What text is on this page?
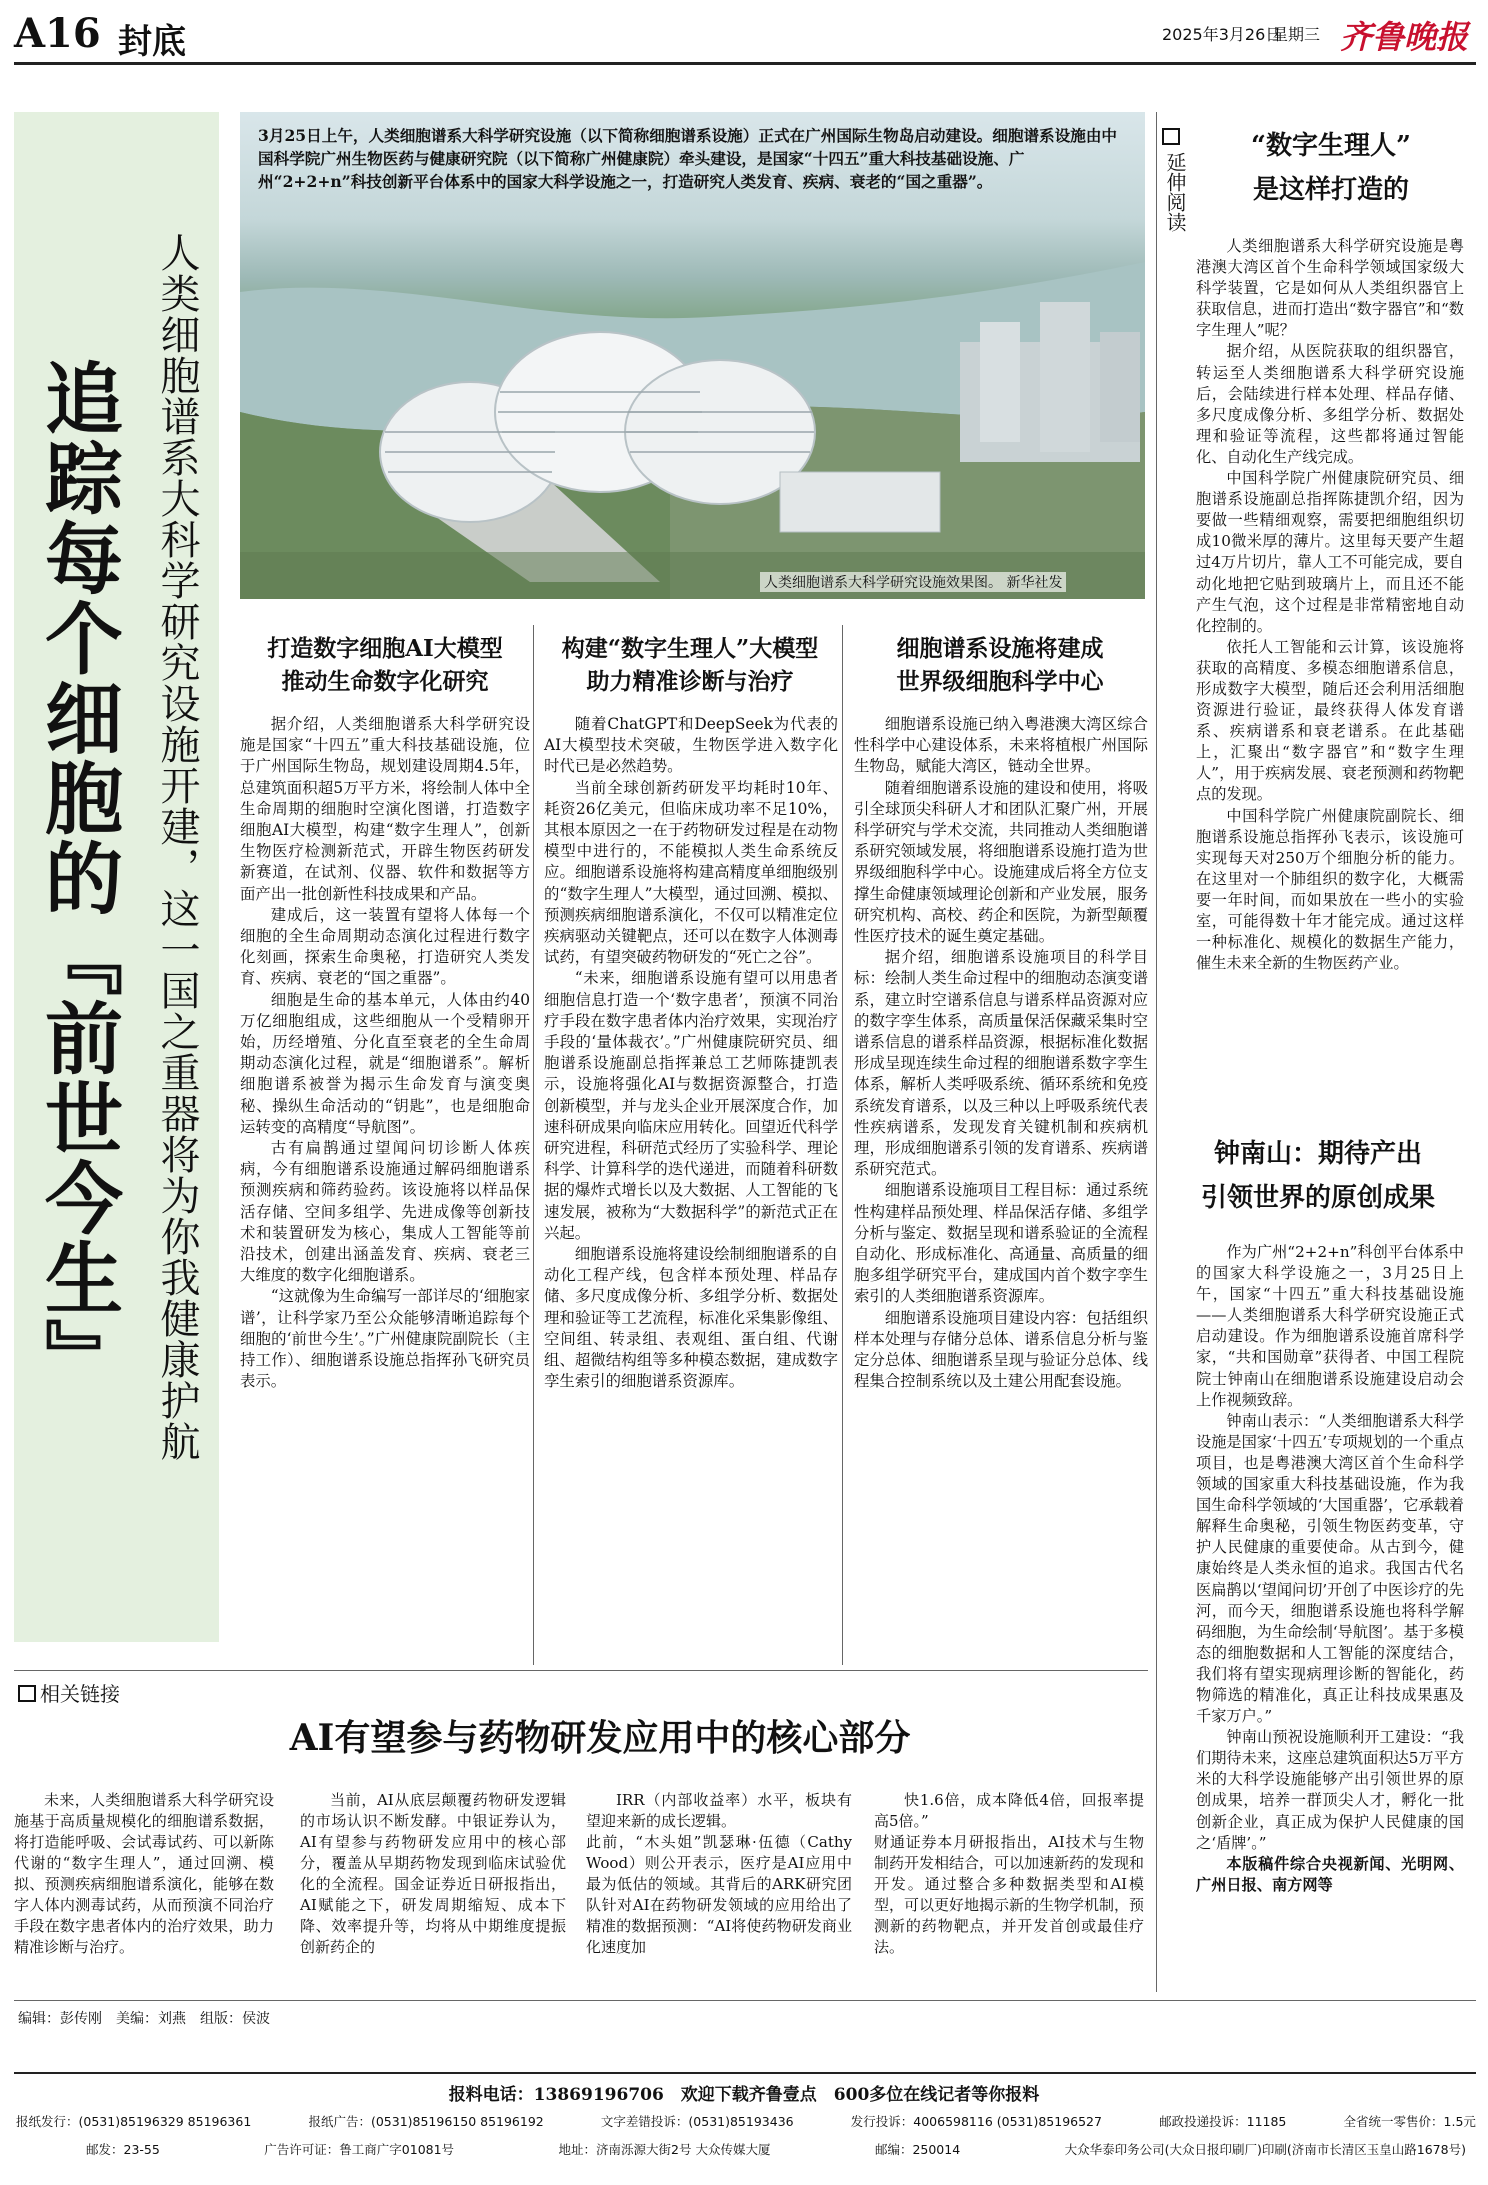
A16 封底	2025年3月26日
星期三 齐鲁晚报
追踪每个细胞的『前世今生』 人类细胞谱系大科学研究设施开建，这一国之重器将为你我健康护航
3月25日上午，人类细胞谱系大科学研究设施（以下简称细胞谱系设施）正式在广州国际生物岛启动建设。细胞谱系设施由中国科学院广州生物医药与健康研究院（以下简称广州健康院）牵头建设，是国家“十四五”重大科技基础设施、广州“2+2+n”科技创新平台体系中的国家大科学设施之一，打造研究人类发育、疾病、衰老的“国之重器”。
人类细胞谱系大科学研究设施效果图。 新华社发
打造数字细胞AI大模型
推动生命数字化研究

据介绍，人类细胞谱系大科学研究设施是国家“十四五”重大科技基础设施，位于广州国际生物岛，规划建设周期4.5年，总建筑面积超5万平方米，将绘制人体中全生命周期的细胞时空演化图谱，打造数字细胞AI大模型，构建“数字生理人”，创新生物医疗检测新范式，开辟生物医药研发新赛道，在试剂、仪器、软件和数据等方面产出一批创新性科技成果和产品。

建成后，这一装置有望将人体每一个细胞的全生命周期动态演化过程进行数字化刻画，探索生命奥秘，打造研究人类发育、疾病、衰老的“国之重器”。

细胞是生命的基本单元，人体由约40万亿细胞组成，这些细胞从一个受精卵开始，历经增殖、分化直至衰老的全生命周期动态演化过程，就是“细胞谱系”。解析细胞谱系被誉为揭示生命发育与演变奥秘、操纵生命活动的“钥匙”，也是细胞命运转变的高精度“导航图”。

古有扁鹊通过望闻问切诊断人体疾病，今有细胞谱系设施通过解码细胞谱系预测疾病和筛药验药。该设施将以样品保活存储、空间多组学、先进成像等创新技术和装置研发为核心，集成人工智能等前沿技术，创建出涵盖发育、疾病、衰老三大维度的数字化细胞谱系。

“这就像为生命编写一部详尽的‘细胞家谱’，让科学家乃至公众能够清晰追踪每个细胞的‘前世今生’。”广州健康院副院长（主持工作）、细胞谱系设施总指挥孙飞研究员表示。

构建“数字生理人”大模型
助力精准诊断与治疗

随着ChatGPT和DeepSeek为代表的AI大模型技术突破，生物医学进入数字化时代已是必然趋势。

当前全球创新药研发平均耗时10年、耗资26亿美元，但临床成功率不足10%，其根本原因之一在于药物研发过程是在动物模型中进行的，不能模拟人类生命系统反应。细胞谱系设施将构建高精度单细胞级别的“数字生理人”大模型，通过回溯、模拟、预测疾病细胞谱系演化，不仅可以精准定位疾病驱动关键靶点，还可以在数字人体测毒试药，有望突破药物研发的“死亡之谷”。

“未来，细胞谱系设施有望可以用患者细胞信息打造一个‘数字患者’，预演不同治疗手段在数字患者体内治疗效果，实现治疗手段的‘量体裁衣’。”广州健康院研究员、细胞谱系设施副总指挥兼总工艺师陈捷凯表示，设施将强化AI与数据资源整合，打造创新模型，并与龙头企业开展深度合作，加速科研成果向临床应用转化。回望近代科学研究进程，科研范式经历了实验科学、理论科学、计算科学的迭代递进，而随着科研数据的爆炸式增长以及大数据、人工智能的飞速发展，被称为“大数据科学”的新范式正在兴起。

细胞谱系设施将建设绘制细胞谱系的自动化工程产线，包含样本预处理、样品存储、多尺度成像分析、多组学分析、数据处理和验证等工艺流程，标准化采集影像组、空间组、转录组、表观组、蛋白组、代谢组、超微结构组等多种模态数据，建成数字孪生索引的细胞谱系资源库。

细胞谱系设施将建成
世界级细胞科学中心

细胞谱系设施已纳入粤港澳大湾区综合性科学中心建设体系，未来将植根广州国际生物岛，赋能大湾区，链动全世界。

随着细胞谱系设施的建设和使用，将吸引全球顶尖科研人才和团队汇聚广州，开展科学研究与学术交流，共同推动人类细胞谱系研究领域发展，将细胞谱系设施打造为世界级细胞科学中心。设施建成后将全方位支撑生命健康领域理论创新和产业发展，服务研究机构、高校、药企和医院，为新型颠覆性医疗技术的诞生奠定基础。

据介绍，细胞谱系设施项目的科学目标：绘制人类生命过程中的细胞动态演变谱系，建立时空谱系信息与谱系样品资源对应的数字孪生体系，高质量保活保藏采集时空谱系信息的谱系样品资源，根据标准化数据形成呈现连续生命过程的细胞谱系数字孪生体系，解析人类呼吸系统、循环系统和免疫系统发育谱系，以及三种以上呼吸系统代表性疾病谱系，发现发育关键机制和疾病机理，形成细胞谱系引领的发育谱系、疾病谱系研究范式。

细胞谱系设施项目工程目标：通过系统性构建样品预处理、样品保活存储、多组学分析与鉴定、数据呈现和谱系验证的全流程自动化、形成标准化、高通量、高质量的细胞多组学研究平台，建成国内首个数字孪生索引的人类细胞谱系资源库。

细胞谱系设施项目建设内容：包括组织样本处理与存储分总体、谱系信息分析与鉴定分总体、细胞谱系呈现与验证分总体、线程集合控制系统以及土建公用配套设施。

延伸阅读
“数字生理人”
是这样打造的

人类细胞谱系大科学研究设施是粤港澳大湾区首个生命科学领域国家级大科学装置，它是如何从人类组织器官上获取信息，进而打造出“数字器官”和“数字生理人”呢？

据介绍，从医院获取的组织器官，转运至人类细胞谱系大科学研究设施后，会陆续进行样本处理、样品存储、多尺度成像分析、多组学分析、数据处理和验证等流程，这些都将通过智能化、自动化生产线完成。

中国科学院广州健康院研究员、细胞谱系设施副总指挥陈捷凯介绍，因为要做一些精细观察，需要把细胞组织切成10微米厚的薄片。这里每天要产生超过4万片切片，靠人工不可能完成，要自动化地把它贴到玻璃片上，而且还不能产生气泡，这个过程是非常精密地自动化控制的。

依托人工智能和云计算，该设施将获取的高精度、多模态细胞谱系信息，形成数字大模型，随后还会利用活细胞资源进行验证，最终获得人体发育谱系、疾病谱系和衰老谱系。在此基础上，汇聚出“数字器官”和“数字生理人”，用于疾病发展、衰老预测和药物靶点的发现。

中国科学院广州健康院副院长、细胞谱系设施总指挥孙飞表示，该设施可实现每天对250万个细胞分析的能力。在这里对一个肺组织的数字化，大概需要一年时间，而如果放在一些小的实验室，可能得数十年才能完成。通过这样一种标准化、规模化的数据生产能力，催生未来全新的生物医药产业。

钟南山：期待产出
引领世界的原创成果

作为广州“2+2+n”科创平台体系中的国家大科学设施之一，3月25日上午，国家“十四五”重大科技基础设施——人类细胞谱系大科学研究设施正式启动建设。作为细胞谱系设施首席科学家，“共和国勋章”获得者、中国工程院院士钟南山在细胞谱系设施建设启动会上作视频致辞。

钟南山表示：“人类细胞谱系大科学设施是国家‘十四五’专项规划的一个重点项目，也是粤港澳大湾区首个生命科学领域的国家重大科技基础设施，作为我国生命科学领域的‘大国重器’，它承载着解释生命奥秘，引领生物医药变革，守护人民健康的重要使命。从古到今，健康始终是人类永恒的追求。我国古代名医扁鹊以‘望闻问切’开创了中医诊疗的先河，而今天，细胞谱系设施也将科学解码细胞，为生命绘制‘导航图’。基于多模态的细胞数据和人工智能的深度结合，我们将有望实现病理诊断的智能化，药物筛选的精准化，真正让科技成果惠及千家万户。”

钟南山预祝设施顺利开工建设：“我们期待未来，这座总建筑面积达5万平方米的大科学设施能够产出引领世界的原创成果，培养一群顶尖人才，孵化一批创新企业，真正成为保护人民健康的国之‘盾牌’。”

本版稿件综合央视新闻、光明网、广州日报、南方网等

相关链接
AI有望参与药物研发应用中的核心部分
未来，人类细胞谱系大科学研究设施基于高质量规模化的细胞谱系数据，将打造能呼吸、会试毒试药、可以新陈代谢的“数字生理人”，通过回溯、模拟、预测疾病细胞谱系演化，能够在数字人体内测毒试药，从而预演不同治疗手段在数字患者体内的治疗效果，助力精准诊断与治疗。
当前，AI从底层颠覆药物研发逻辑的市场认识不断发酵。中银证券认为，AI有望参与药物研发应用中的核心部分，覆盖从早期药物发现到临床试验优化的全流程。国金证券近日研报指出，AI赋能之下，研发周期缩短、成本下降、效率提升等，均将从中期维度提振创新药企的
IRR（内部收益率）水平，板块有望迎来新的成长逻辑。
此前，“木头姐”凯瑟琳·伍德（Cathy Wood）则公开表示，医疗是AI应用中最为低估的领域。其背后的ARK研究团队针对AI在药物研发领域的应用给出了精准的数据预测：“AI将使药物研发商业化速度加
快1.6倍，成本降低4倍，回报率提高5倍。”
财通证券本月研报指出，AI技术与生物制药开发相结合，可以加速新药的发现和开发。通过整合多种数据类型和AI模型，可以更好地揭示新的生物学机制，预测新的药物靶点，并开发首创或最佳疗法。
编辑：彭传刚　美编：刘燕　组版：侯波
报料电话：13869196706　欢迎下载齐鲁壹点　600多位在线记者等你报料
报纸发行：(0531)85196329 85196361	报纸广告：(0531)85196150 85196192	文字差错投诉：(0531)85193436	发行投诉：4006598116 (0531)85196527	邮政投递投诉：11185	全省统一零售价：1.5元
邮发：23-55	广告许可证：鲁工商广字01081号	地址：济南泺源大街2号 大众传媒大厦	邮编：250014	大众华泰印务公司(大众日报印刷厂)印刷(济南市长清区玉皇山路1678号)
